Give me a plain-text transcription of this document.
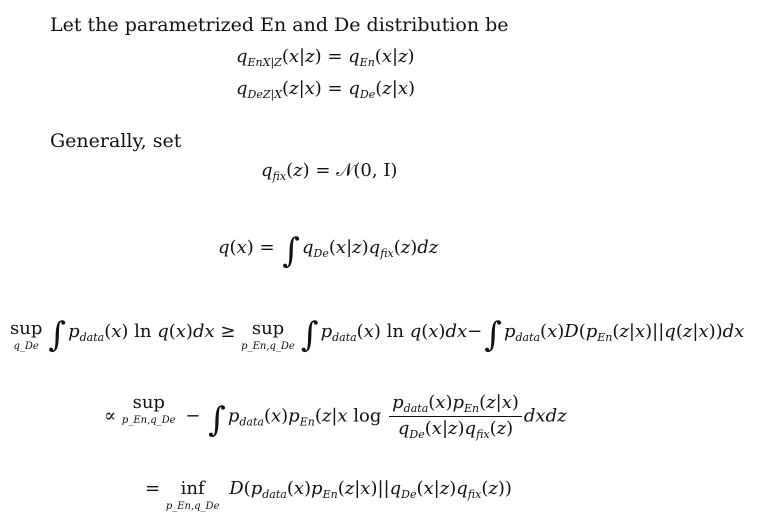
Let the parametrized En and De distribution be
$q_{EnX|Z}(x|z) = q_{En}(x|z)$
$q_{DeZ|X}(z|x) = q_{De}(z|x)$
Generally, set
$q_{fix}(z)$ = 𝒩(0, I)
q(x) = ∫ $q_{De}(x|z)q_{fix}(z)dz$
sup
q_De ∫ $p_{data}(x)$ ln q(x)dx ≥ sup
p_En,q_De ∫ $p_{data}(x)$ ln q(x)dx−∫ $p_{data}(x)D(p_{En}(z|x)||q(z|x))dx$
∝ sup
p_En,q_De − ∫ $p_{data}(x)p_{En}(z|x$ $\log \frac{p_{data}(x)p_{En}(z|x)}{q_{De}(x|z)q_{fix}(z)}$ dxdz
= inf
p_En,q_De
$D(p_{data}(x)p_{En}(z|x)||q_{De}(x|z)q_{fix}(z))$
